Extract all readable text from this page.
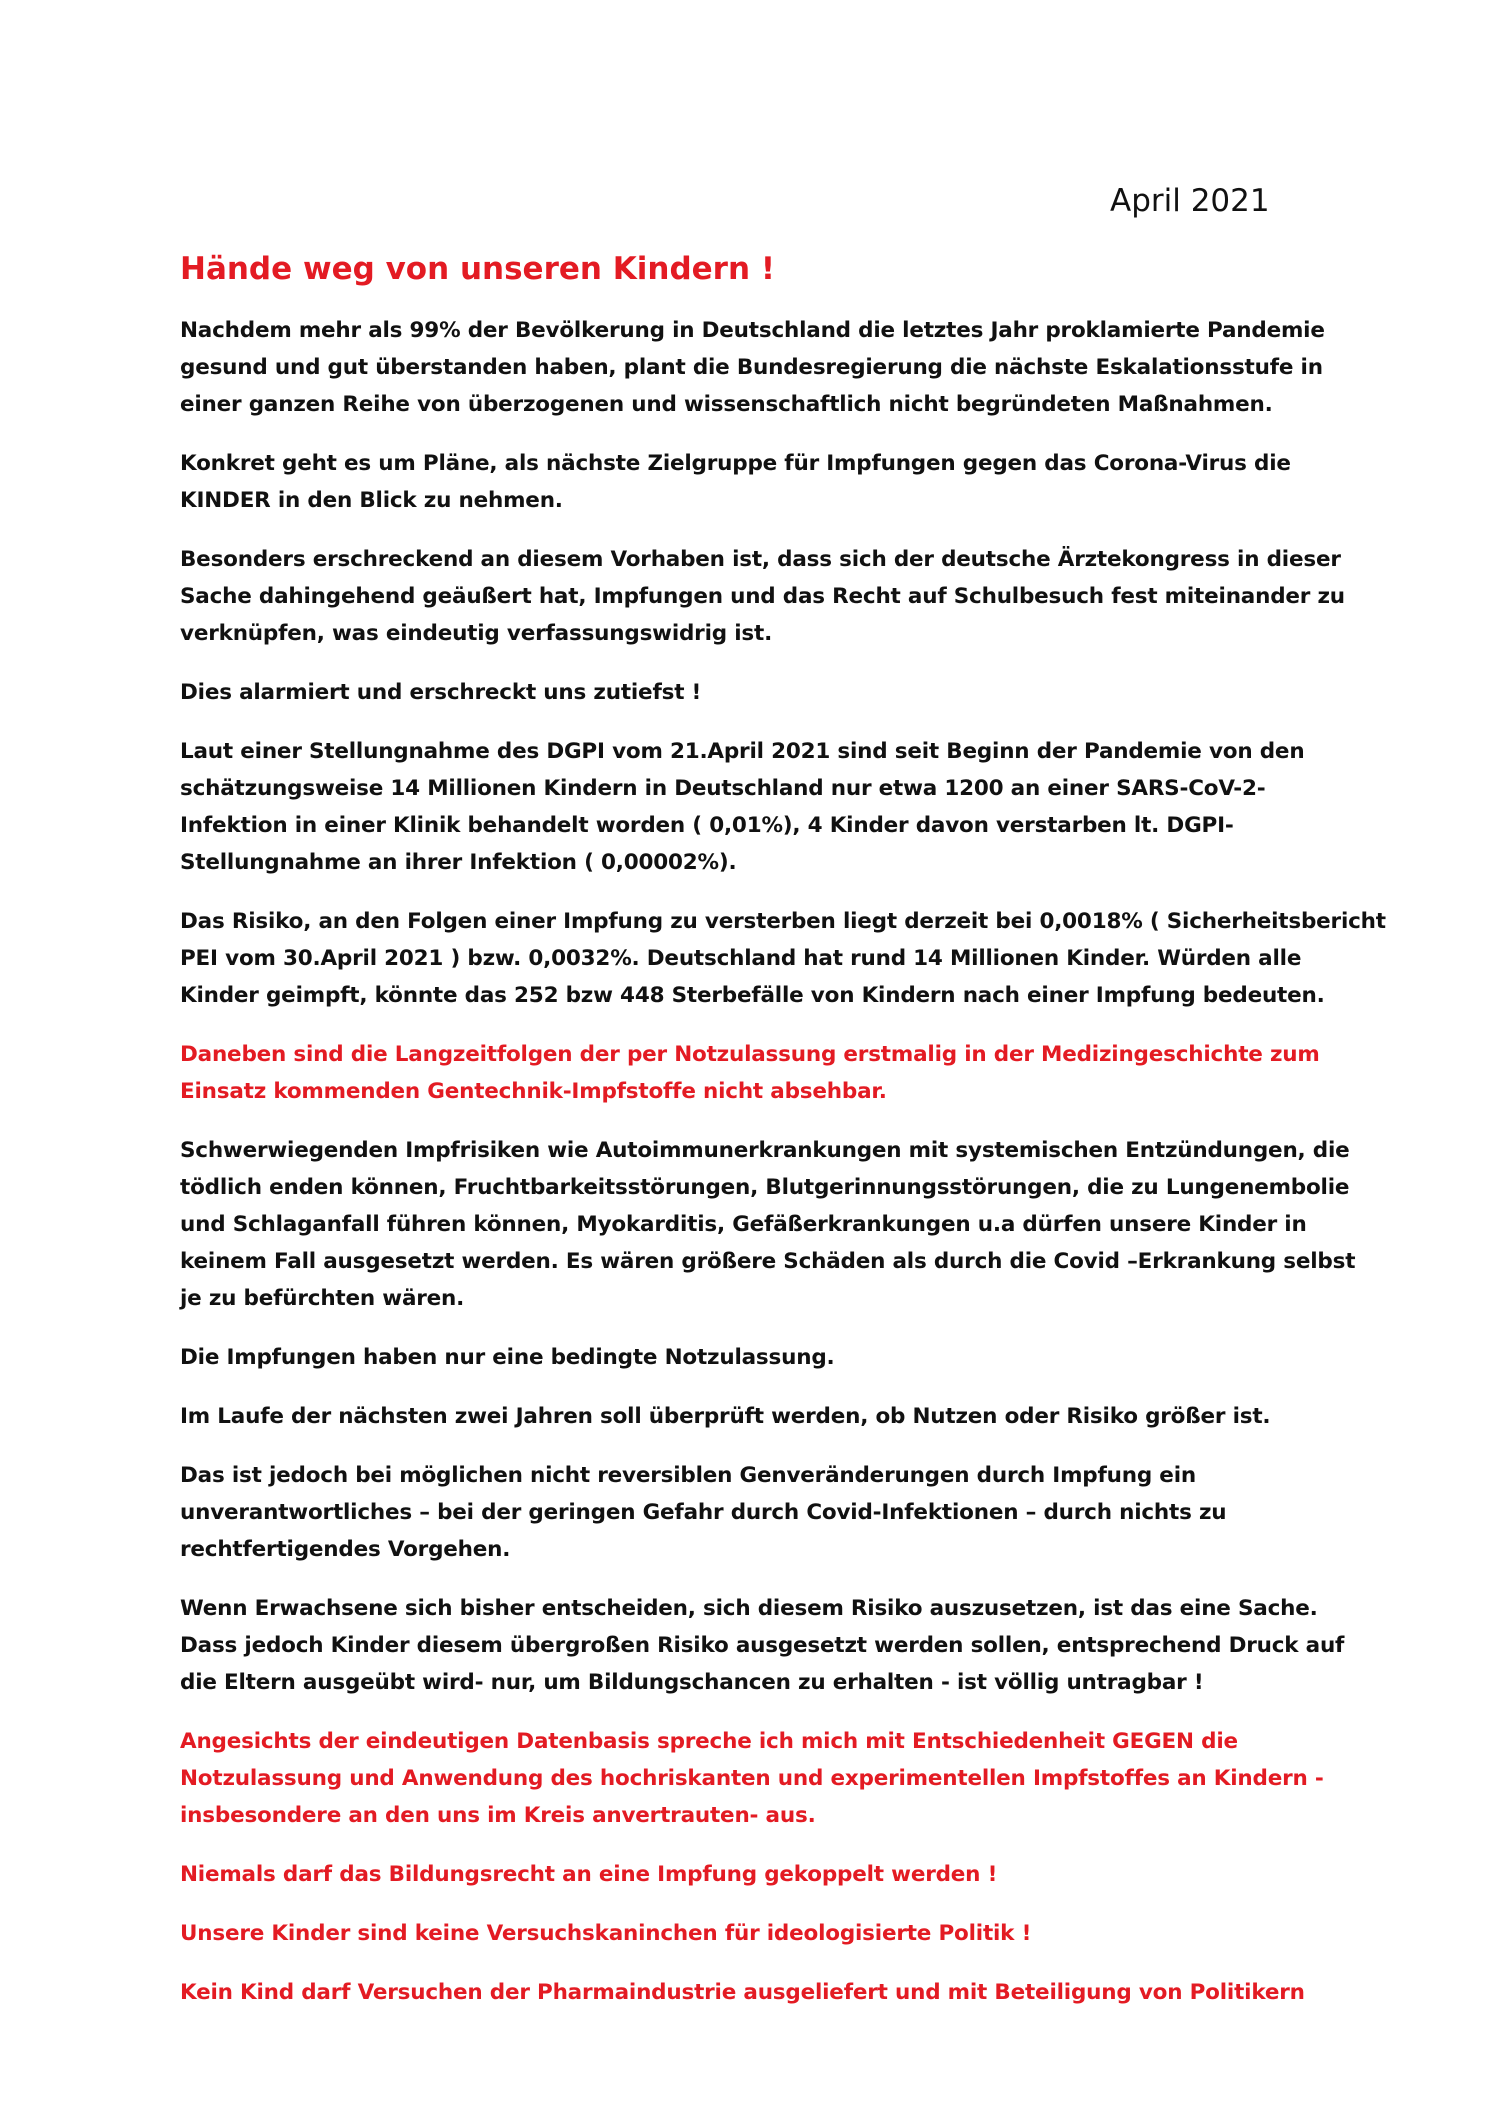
April 2021
Hände weg von unseren Kindern !
Nachdem mehr als 99% der Bevölkerung in Deutschland die letztes Jahr proklamierte Pandemie
gesund und gut überstanden haben, plant die Bundesregierung die nächste Eskalationsstufe in
einer ganzen Reihe von überzogenen und wissenschaftlich nicht begründeten Maßnahmen.
Konkret geht es um Pläne, als nächste Zielgruppe für Impfungen gegen das Corona-Virus die
KINDER in den Blick zu nehmen.
Besonders erschreckend an diesem Vorhaben ist, dass sich der deutsche Ärztekongress in dieser
Sache dahingehend geäußert hat, Impfungen und das Recht auf Schulbesuch fest miteinander zu
verknüpfen, was eindeutig verfassungswidrig ist.
Dies alarmiert und erschreckt uns zutiefst !
Laut einer Stellungnahme des DGPI vom 21.April 2021 sind seit Beginn der Pandemie von den
schätzungsweise 14 Millionen Kindern in Deutschland nur etwa 1200 an einer SARS-CoV-2-
Infektion in einer Klinik behandelt worden ( 0,01%), 4 Kinder davon verstarben lt. DGPI-
Stellungnahme an ihrer Infektion ( 0,00002%).
Das Risiko, an den Folgen einer Impfung zu versterben liegt derzeit bei 0,0018% ( Sicherheitsbericht
PEI vom 30.April 2021 ) bzw. 0,0032%. Deutschland hat rund 14 Millionen Kinder. Würden alle
Kinder geimpft, könnte das 252 bzw 448 Sterbefälle von Kindern nach einer Impfung bedeuten.
Daneben sind die Langzeitfolgen der per Notzulassung erstmalig in der Medizingeschichte zum
Einsatz kommenden Gentechnik-Impfstoffe nicht absehbar.
Schwerwiegenden Impfrisiken wie Autoimmunerkrankungen mit systemischen Entzündungen, die
tödlich enden können, Fruchtbarkeitsstörungen, Blutgerinnungsstörungen, die zu Lungenembolie
und Schlaganfall führen können, Myokarditis, Gefäßerkrankungen u.a dürfen unsere Kinder in
keinem Fall ausgesetzt werden. Es wären größere Schäden als durch die Covid –Erkrankung selbst
je zu befürchten wären.
Die Impfungen haben nur eine bedingte Notzulassung.
Im Laufe der nächsten zwei Jahren soll überprüft werden, ob Nutzen oder Risiko größer ist.
Das ist jedoch bei möglichen nicht reversiblen Genveränderungen durch Impfung ein
unverantwortliches – bei der geringen Gefahr durch Covid-Infektionen – durch nichts zu
rechtfertigendes Vorgehen.
Wenn Erwachsene sich bisher entscheiden, sich diesem Risiko auszusetzen, ist das eine Sache.
Dass jedoch Kinder diesem übergroßen Risiko ausgesetzt werden sollen, entsprechend Druck auf
die Eltern ausgeübt wird- nur, um Bildungschancen zu erhalten - ist völlig untragbar !
Angesichts der eindeutigen Datenbasis spreche ich mich mit Entschiedenheit GEGEN die
Notzulassung und Anwendung des hochriskanten und experimentellen Impfstoffes an Kindern -
insbesondere an den uns im Kreis anvertrauten- aus.
Niemals darf das Bildungsrecht an eine Impfung gekoppelt werden !
Unsere Kinder sind keine Versuchskaninchen für ideologisierte Politik !
Kein Kind darf Versuchen der Pharmaindustrie ausgeliefert und mit Beteiligung von Politikern
